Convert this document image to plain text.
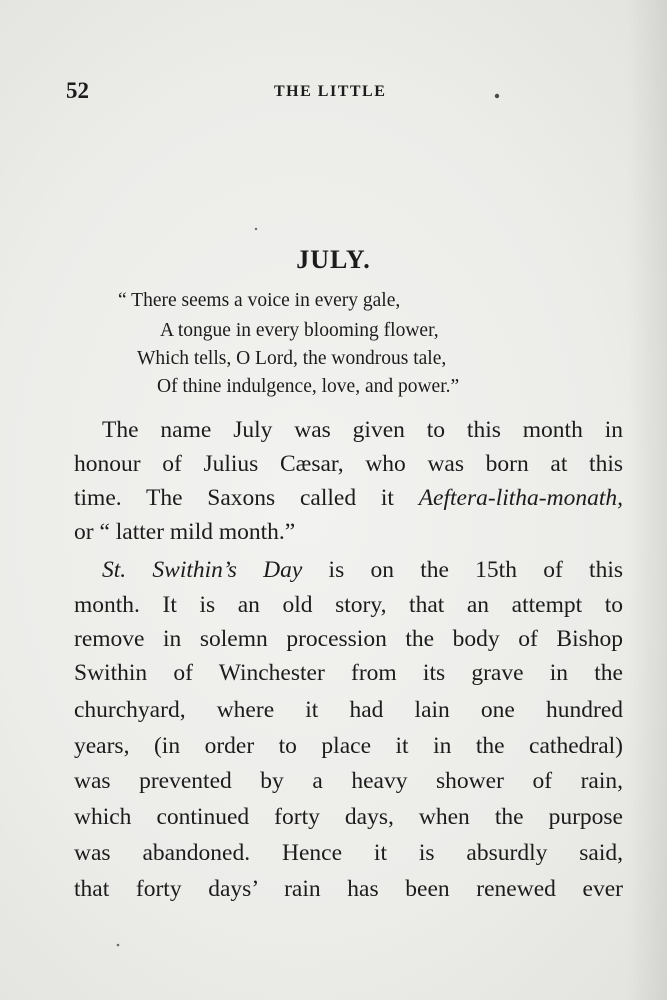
52	THE LITTLE
JULY.
“ There seems a voice in every gale,
A tongue in every blooming flower,
Which tells, O Lord, the wondrous tale,
Of thine indulgence, love, and power.”
The name July was given to this month in
honour of Julius Cæsar, who was born at this
time. The Saxons called it Aeftera-litha-monath,
or “ latter mild month.”
St. Swithin’s Day is on the 15th of this
month. It is an old story, that an attempt to
remove in solemn procession the body of Bishop
Swithin of Winchester from its grave in the
churchyard, where it had lain one hundred
years, (in order to place it in the cathedral)
was prevented by a heavy shower of rain,
which continued forty days, when the purpose
was abandoned. Hence it is absurdly said,
that forty days’ rain has been renewed ever
